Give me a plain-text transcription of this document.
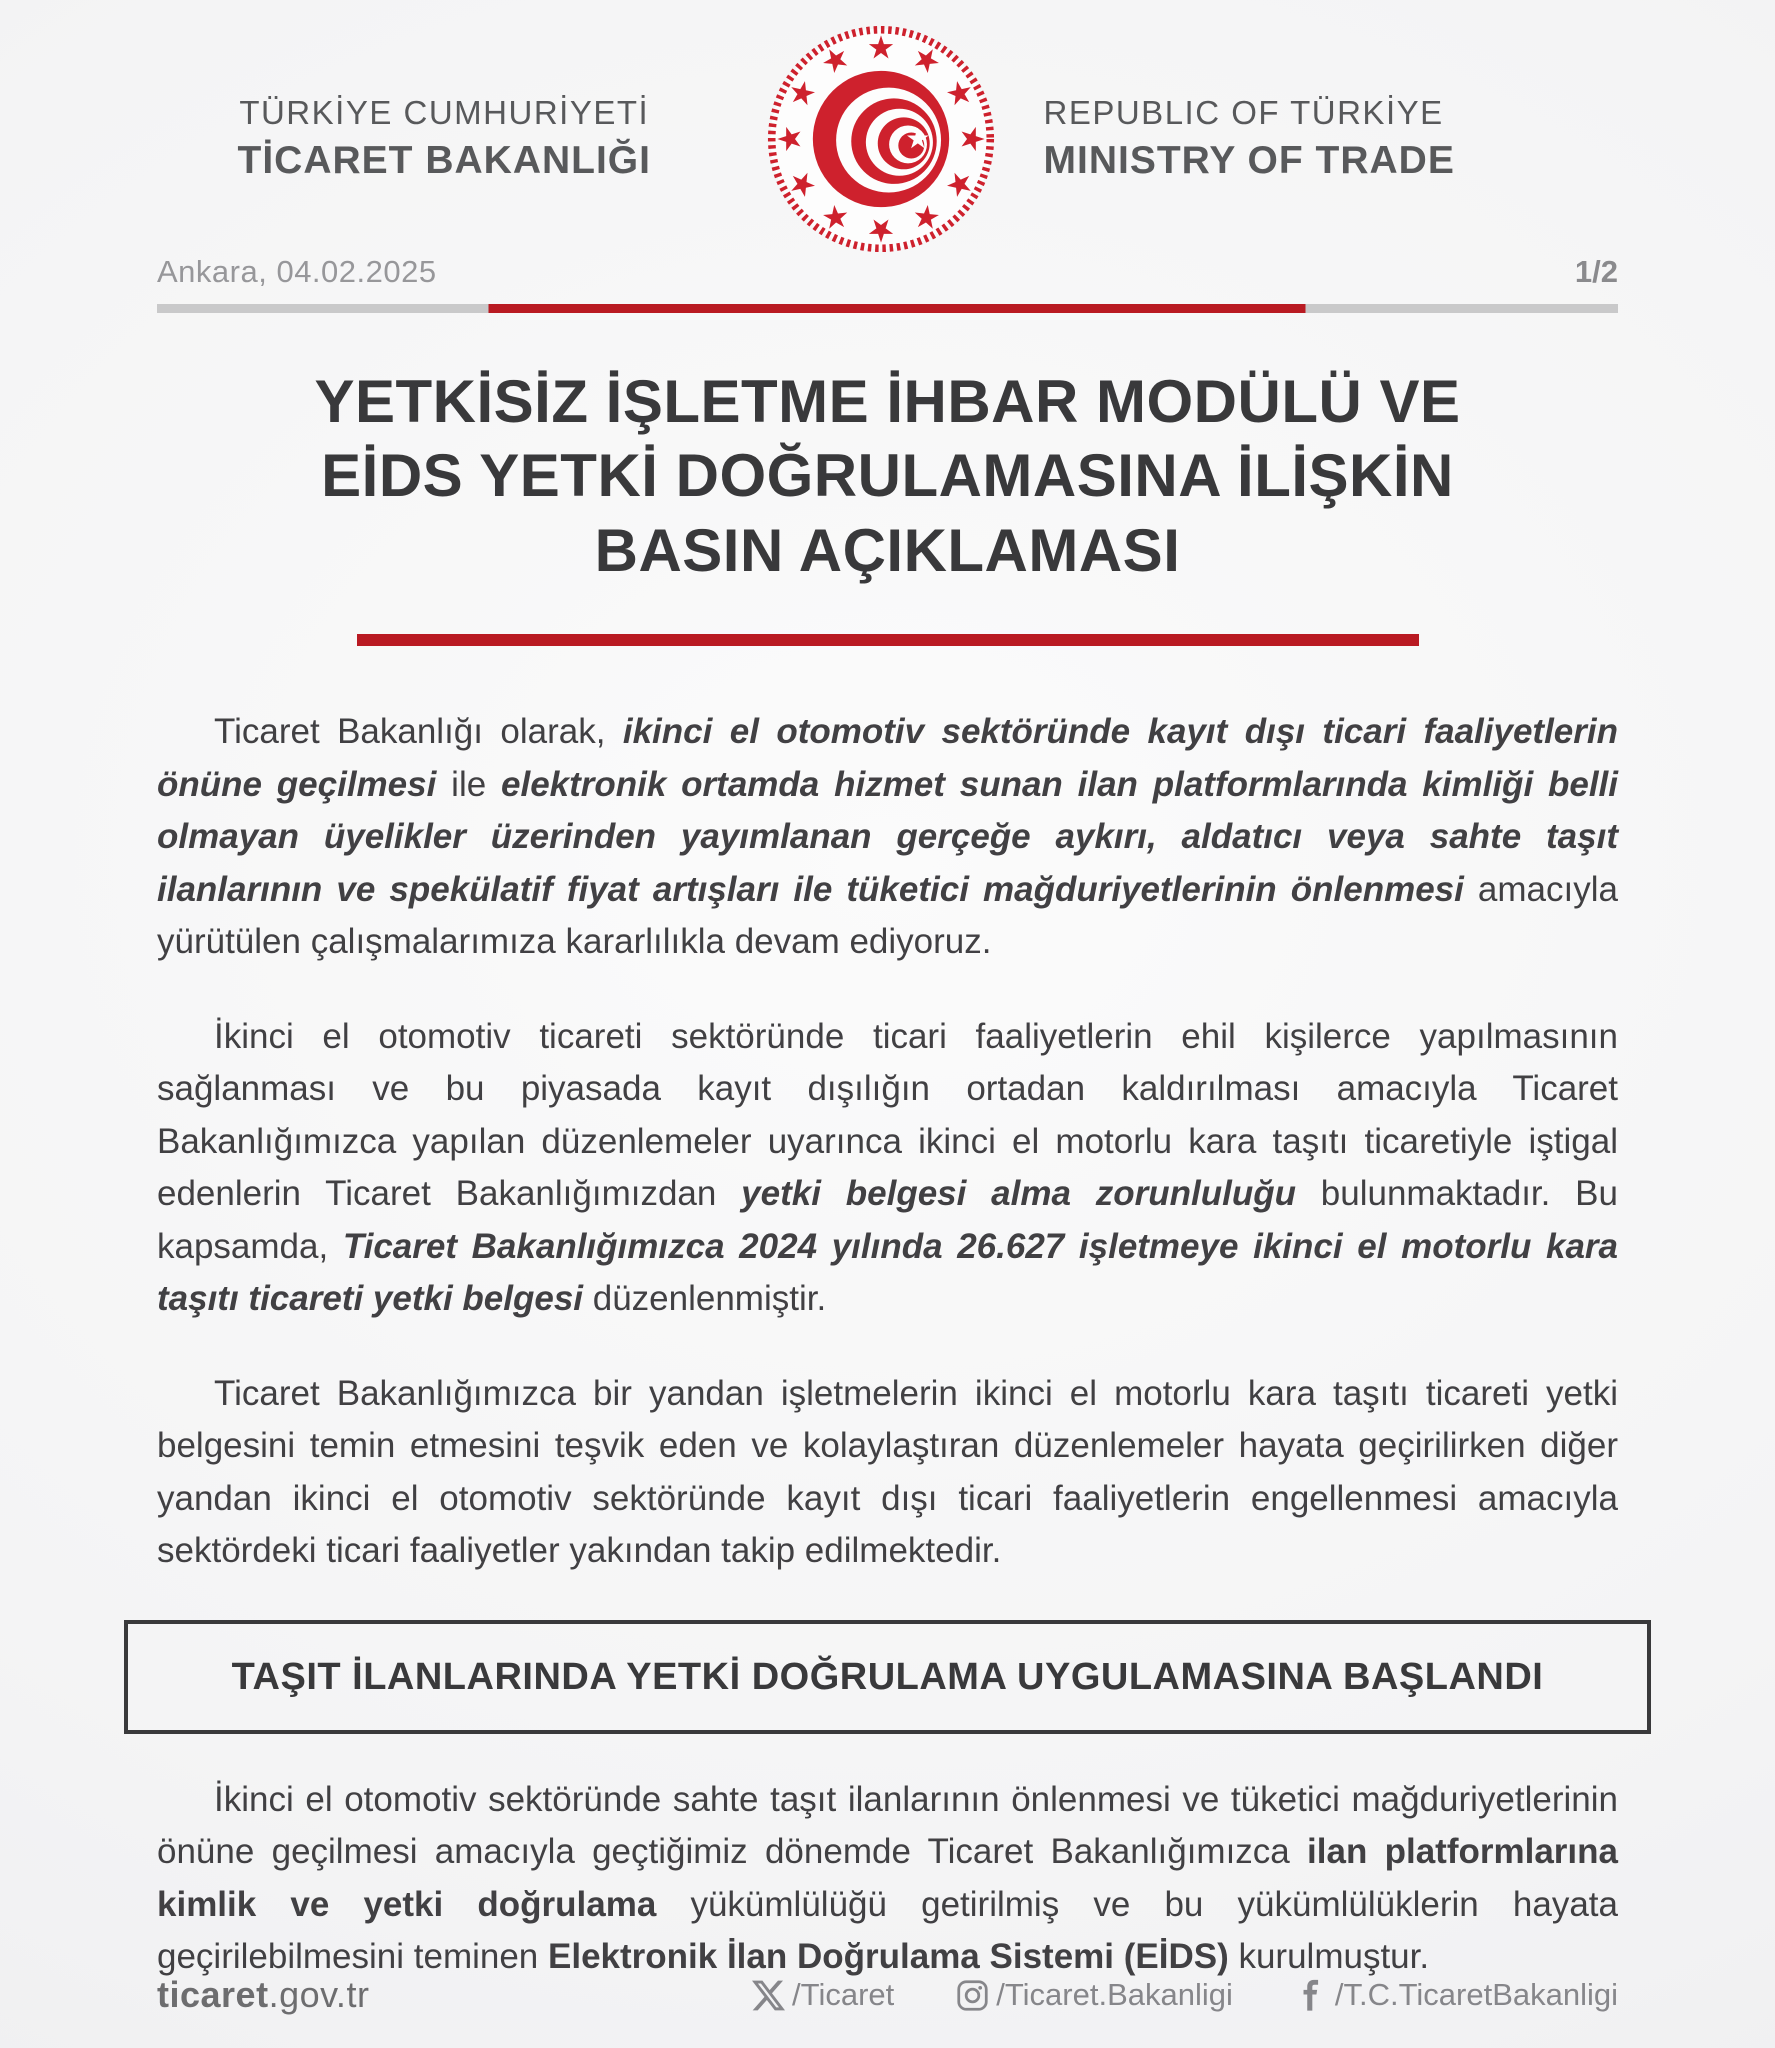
TÜRKİYE CUMHURİYETİ
TİCARET BAKANLIĞI
REPUBLIC OF TÜRKİYE
MINISTRY OF TRADE
Ankara, 04.02.2025	1/2
YETKİSİZ İŞLETME İHBAR MODÜLÜ VE
EİDS YETKİ DOĞRULAMASINA İLİŞKİN
BASIN AÇIKLAMASI

Ticaret Bakanlığı olarak, ikinci el otomotiv sektöründe kayıt dışı ticari faaliyetlerin önüne geçilmesi ile elektronik ortamda hizmet sunan ilan platformlarında kimliği belli olmayan üyelikler üzerinden yayımlanan gerçeğe aykırı, aldatıcı veya sahte taşıt ilanlarının ve spekülatif fiyat artışları ile tüketici mağduriyetlerinin önlenmesi amacıyla yürütülen çalışmalarımıza kararlılıkla devam ediyoruz.

İkinci el otomotiv ticareti sektöründe ticari faaliyetlerin ehil kişilerce yapılmasının sağlanması ve bu piyasada kayıt dışılığın ortadan kaldırılması amacıyla Ticaret Bakanlığımızca yapılan düzenlemeler uyarınca ikinci el motorlu kara taşıtı ticaretiyle iştigal edenlerin Ticaret Bakanlığımızdan yetki belgesi alma zorunluluğu bulunmaktadır. Bu kapsamda, Ticaret Bakanlığımızca 2024 yılında 26.627 işletmeye ikinci el motorlu kara taşıtı ticareti yetki belgesi düzenlenmiştir.

Ticaret Bakanlığımızca bir yandan işletmelerin ikinci el motorlu kara taşıtı ticareti yetki belgesini temin etmesini teşvik eden ve kolaylaştıran düzenlemeler hayata geçirilirken diğer yandan ikinci el otomotiv sektöründe kayıt dışı ticari faaliyetlerin engellenmesi amacıyla sektördeki ticari faaliyetler yakından takip edilmektedir.

TAŞIT İLANLARINDA YETKİ DOĞRULAMA UYGULAMASINA BAŞLANDI

İkinci el otomotiv sektöründe sahte taşıt ilanlarının önlenmesi ve tüketici mağduriyetlerinin önüne geçilmesi amacıyla geçtiğimiz dönemde Ticaret Bakanlığımızca ilan platformlarına kimlik ve yetki doğrulama yükümlülüğü getirilmiş ve bu yükümlülüklerin hayata geçirilebilmesini teminen Elektronik İlan Doğrulama Sistemi (EİDS) kurulmuştur.

ticaret.gov.tr	/Ticaret	/Ticaret.Bakanligi	/T.C.TicaretBakanligi
